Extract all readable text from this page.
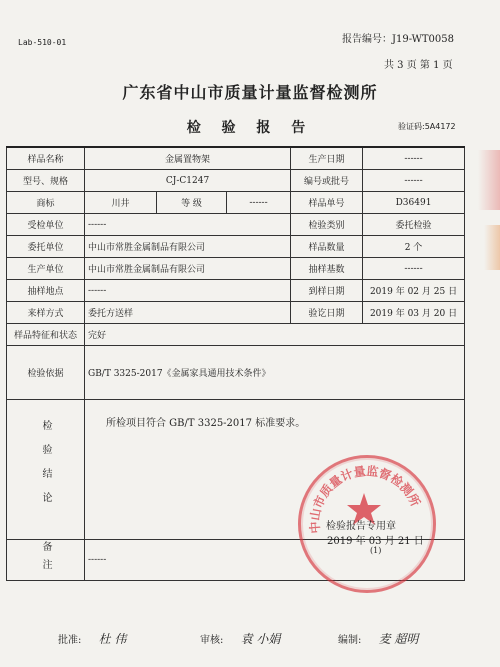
Lab-510-01	报告编号：J19-WT0058
共 3 页 第 1 页
广东省中山市质量计量监督检测所
检 验 报 告	验证码:5A4172
样品名称	金属置物架			生产日期	------
型号、规格	CJ-C1247			编号或批号	------
商标	川井	等 级	------	样品单号	D36491
受检单位	------			检验类别	委托检验
委托单位	中山市常胜金属制品有限公司			样品数量	2 个
生产单位	中山市常胜金属制品有限公司			抽样基数	------
抽样地点	------			到样日期	2019 年 02 月 25 日
来样方式	委托方送样			验讫日期	2019 年 03 月 20 日
样品特征和状态	完好				
检验依据	GB/T 3325-2017《金属家具通用技术条件》				
检验结论	所检项目符合 GB/T 3325-2017 标准要求。				

备注	------				
中山市质量计量监督检测所
检验报告专用章
2019 年 03 月 21 日
(1)
批准: 杜 伟	审核: 袁 小娟	编制: 麦 超明
